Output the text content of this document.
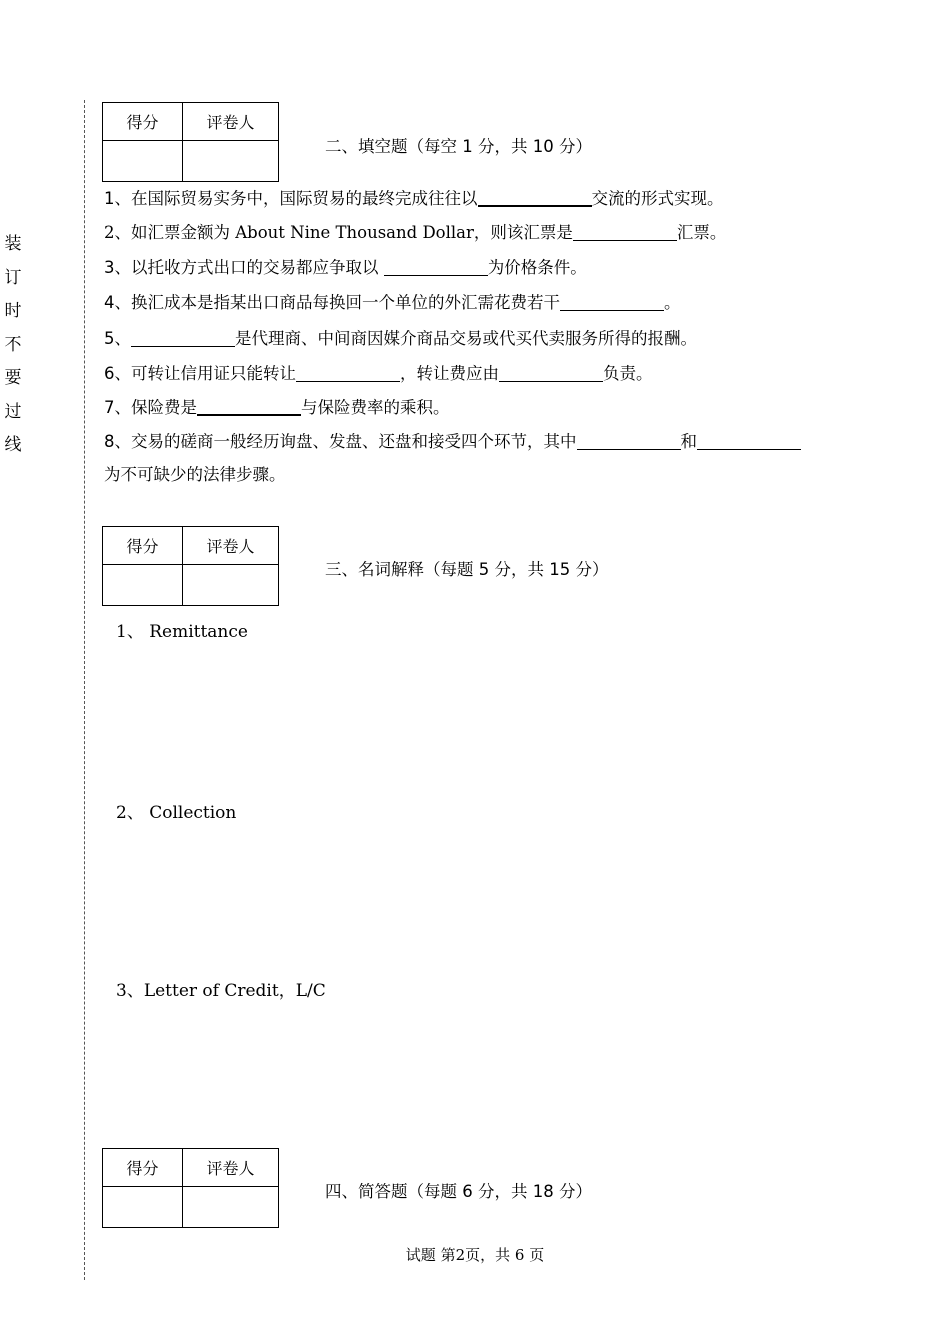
装
订
时
不
要
过
线
得分	评卷人

二、填空题（每空 1 分，共 10 分）
1、在国际贸易实务中，国际贸易的最终完成往往以	交流的形式实现。
2、如汇票金额为 About Nine Thousand Dollar，则该汇票是	汇票。
3、以托收方式出口的交易都应争取以	为价格条件。
4、换汇成本是指某出口商品每换回一个单位的外汇需花费若干	。
5、	是代理商、中间商因媒介商品交易或代买代卖服务所得的报酬。
6、可转让信用证只能转让	，转让费应由	负责。
7、保险费是	与保险费率的乘积。
8、交易的磋商一般经历询盘、发盘、还盘和接受四个环节，其中	和
为不可缺少的法律步骤。
得分	评卷人

三、名词解释（每题 5 分，共 15 分）
1、 Remittance
2、 Collection
3、Letter of Credit，L/C
得分	评卷人

四、简答题（每题 6 分，共 18 分）
试题 第2页，共 6 页
